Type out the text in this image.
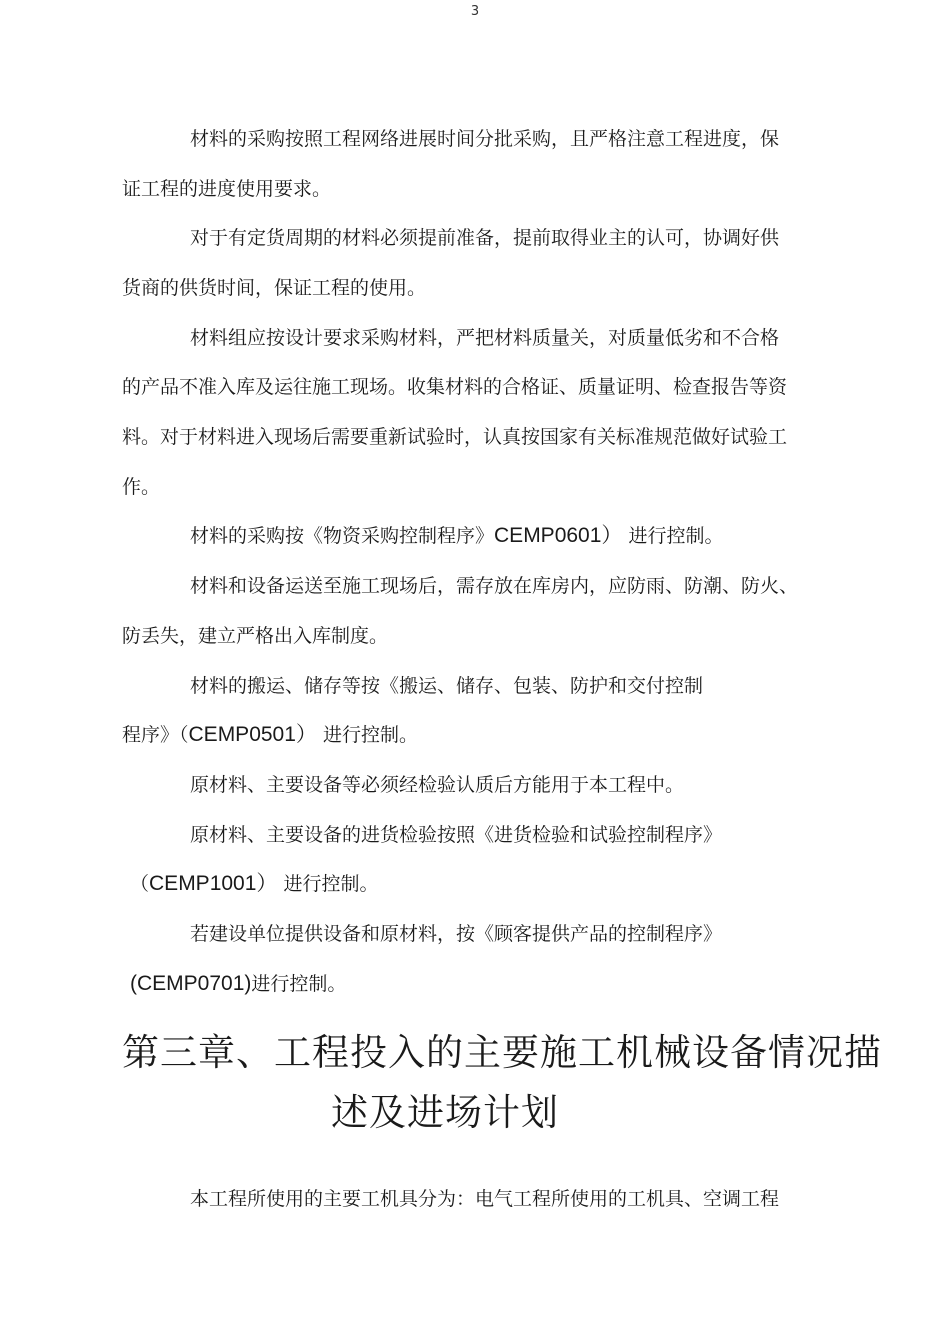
3
材料的采购按照工程网络进展时间分批采购，且严格注意工程进度，保
证工程的进度使用要求。
对于有定货周期的材料必须提前准备，提前取得业主的认可，协调好供
货商的供货时间，保证工程的使用。
材料组应按设计要求采购材料，严把材料质量关，对质量低劣和不合格
的产品不准入库及运往施工现场。收集材料的合格证、质量证明、检查报告等资
料。对于材料进入现场后需要重新试验时，认真按国家有关标准规范做好试验工
作。
材料的采购按《物资采购控制程序》CEMP0601） 进行控制。
材料和设备运送至施工现场后，需存放在库房内，应防雨、防潮、防火、
防丢失，建立严格出入库制度。
材料的搬运、储存等按《搬运、储存、包装、防护和交付控制
程序》（CEMP0501） 进行控制。
原材料、主要设备等必须经检验认质后方能用于本工程中。
原材料、主要设备的进货检验按照《进货检验和试验控制程序》
（CEMP1001） 进行控制。
若建设单位提供设备和原材料，按《顾客提供产品的控制程序》
(CEMP0701)进行控制。
第三章、工程投入的主要施工机械设备情况描
述及进场计划
本工程所使用的主要工机具分为：电气工程所使用的工机具、空调工程
